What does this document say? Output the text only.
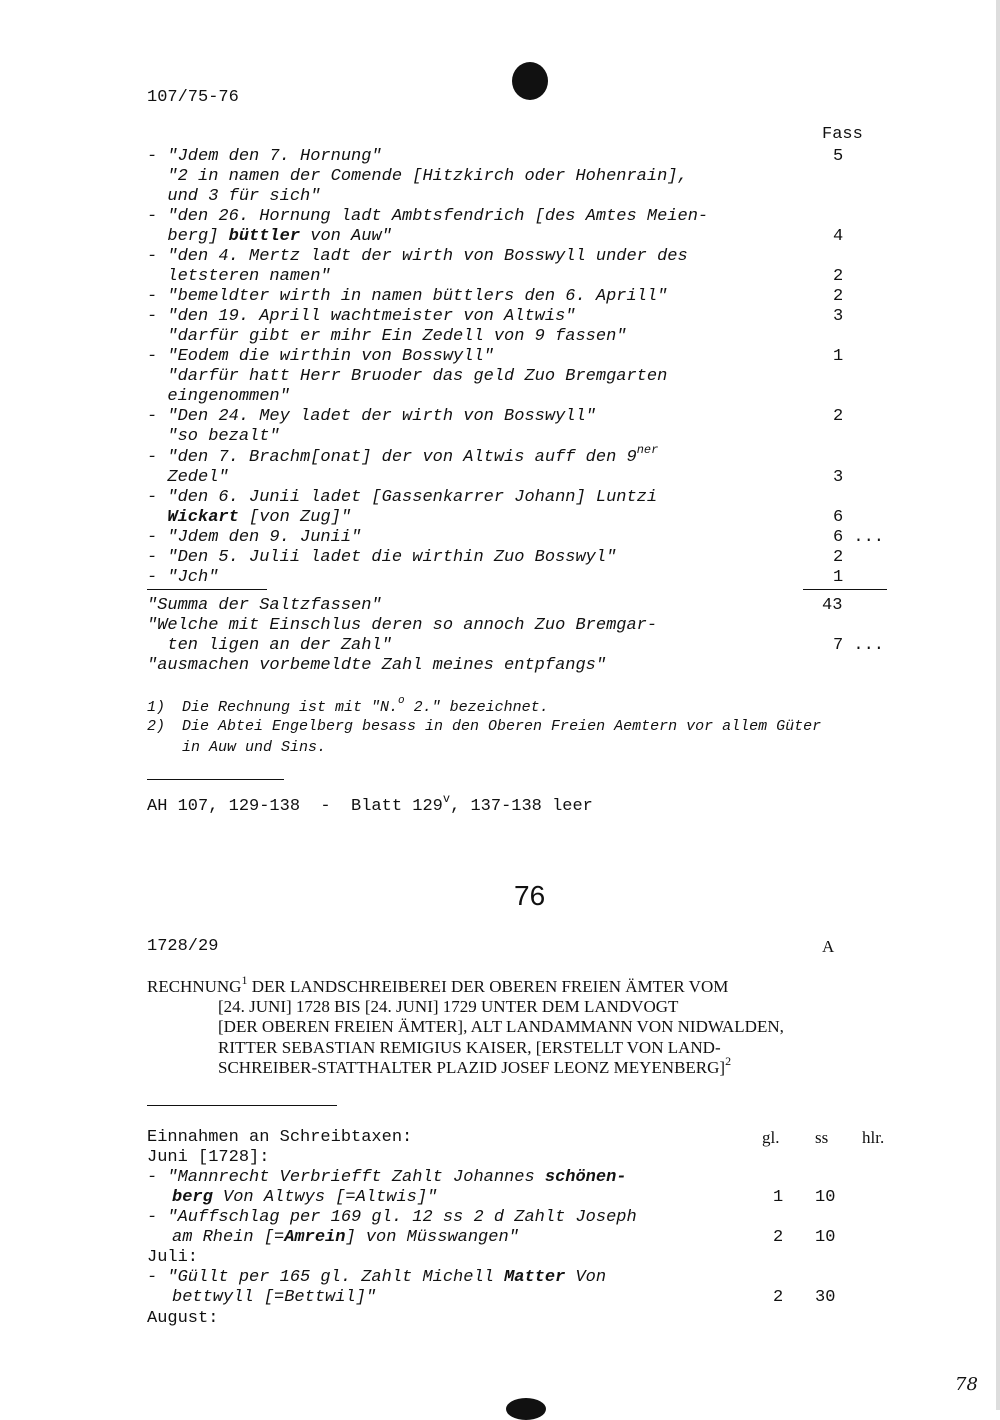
107/75-76
Fass
- "Jdem den 7. Hornung"	5
"2 in namen der Comende [Hitzkirch oder Hohenrain],
und 3 für sich"
- "den 26. Hornung ladt Ambtsfendrich [des Amtes Meien-
berg] büttler von Auw"	4
- "den 4. Mertz ladt der wirth von Bosswyll under des
letsteren namen"	2
- "bemeldter wirth in namen büttlers den 6. Aprill"	2
- "den 19. Aprill wachtmeister von Altwis"	3
"darfür gibt er mihr Ein Zedell von 9 fassen"
- "Eodem die wirthin von Bosswyll"	1
"darfür hatt Herr Bruoder das geld Zuo Bremgarten
eingenommen"
- "Den 24. Mey ladet der wirth von Bosswyll"	2
"so bezalt"
- "den 7. Brachm[onat] der von Altwis auff den $9^{ner}$
Zedel"	3
- "den 6. Junii ladet [Gassenkarrer Johann] Luntzi
Wickart [von Zug]"	6
- "Jdem den 9. Junii"	6 ...
- "Den 5. Julii ladet die wirthin Zuo Bosswyl"	2
- "Jch"	1
"Summa der Saltzfassen"	43
"Welche mit Einschlus deren so annoch Zuo Bremgar-
ten ligen an der Zahl"	7 ...
"ausmachen vorbemeldte Zahl meines entpfangs"
1) Die Rechnung ist mit "N.$^o$ 2." bezeichnet.
2) Die Abtei Engelberg besass in den Oberen Freien Aemtern vor allem Güter
in Auw und Sins.
AH 107, 129-138  -  Blatt 129$^v$, 137-138 leer
76
1728/29	A
RECHNUNG$^1$ DER LANDSCHREIBEREI DER OBEREN FREIEN ÄMTER VOM
[24. JUNI] 1728 BIS [24. JUNI] 1729 UNTER DEM LANDVOGT
[DER OBEREN FREIEN ÄMTER], ALT LANDAMMANN VON NIDWALDEN,
RITTER SEBASTIAN REMIGIUS KAISER, [ERSTELLT VON LAND-
SCHREIBER-STATTHALTER PLAZID JOSEF LEONZ MEYENBERG]$^2$
Einnahmen an Schreibtaxen:	gl. ss hlr.
Juni [1728]:
- "Mannrecht Verbriefft Zahlt Johannes schönen-
berg Von Altwys [=Altwis]"	1 10
- "Auffschlag per 169 gl. 12 ss 2 d Zahlt Joseph
am Rhein [=Amrein] von Müsswangen"	2 10
Juli:
- "Güllt per 165 gl. Zahlt Michell Matter Von
bettwyll [=Bettwil]"	2 30
August:
78
